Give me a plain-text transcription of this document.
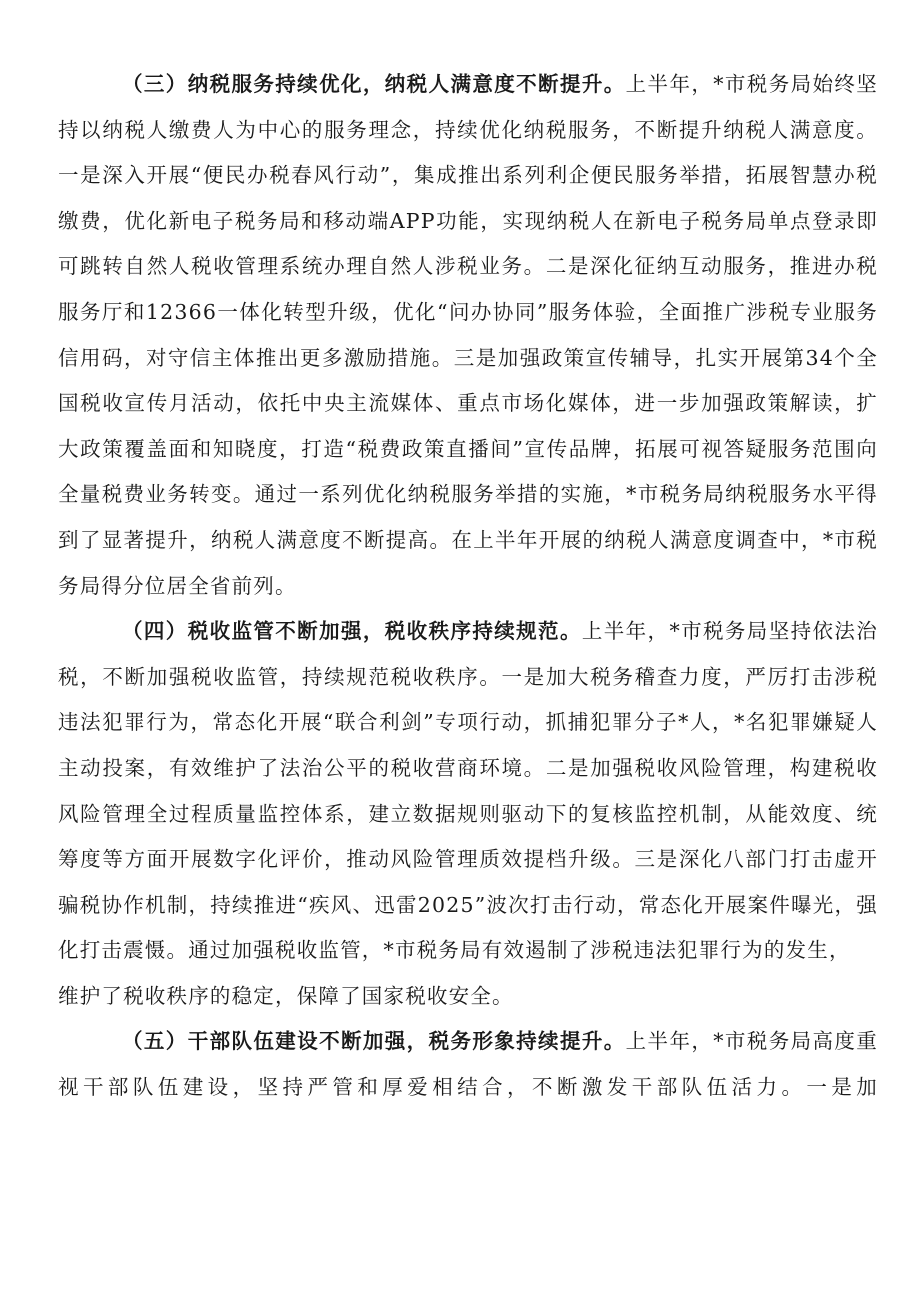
（三）纳税服务持续优化，纳税人满意度不断提升。上半年，*市税务局始终坚持以纳税人缴费人为中心的服务理念，持续优化纳税服务，不断提升纳税人满意度。一是深入开展“便民办税春风行动”，集成推出系列利企便民服务举措，拓展智慧办税缴费，优化新电子税务局和移动端APP功能，实现纳税人在新电子税务局单点登录即可跳转自然人税收管理系统办理自然人涉税业务。二是深化征纳互动服务，推进办税服务厅和12366一体化转型升级，优化“问办协同”服务体验，全面推广涉税专业服务信用码，对守信主体推出更多激励措施。三是加强政策宣传辅导，扎实开展第34个全国税收宣传月活动，依托中央主流媒体、重点市场化媒体，进一步加强政策解读，扩大政策覆盖面和知晓度，打造“税费政策直播间”宣传品牌，拓展可视答疑服务范围向全量税费业务转变。通过一系列优化纳税服务举措的实施，*市税务局纳税服务水平得到了显著提升，纳税人满意度不断提高。在上半年开展的纳税人满意度调查中，*市税务局得分位居全省前列。

（四）税收监管不断加强，税收秩序持续规范。上半年，*市税务局坚持依法治税，不断加强税收监管，持续规范税收秩序。一是加大税务稽查力度，严厉打击涉税违法犯罪行为，常态化开展“联合利剑”专项行动，抓捕犯罪分子*人，*名犯罪嫌疑人主动投案，有效维护了法治公平的税收营商环境。二是加强税收风险管理，构建税收风险管理全过程质量监控体系，建立数据规则驱动下的复核监控机制，从能效度、统筹度等方面开展数字化评价，推动风险管理质效提档升级。三是深化八部门打击虚开骗税协作机制，持续推进“疾风、迅雷2025”波次打击行动，常态化开展案件曝光，强化打击震慑。通过加强税收监管，*市税务局有效遏制了涉税违法犯罪行为的发生，

维护了税收秩序的稳定，保障了国家税收安全。

（五）干部队伍建设不断加强，税务形象持续提升。上半年，*市税务局高度重视干部队伍建设，坚持严管和厚爱相结合，不断激发干部队伍活力。一是加
